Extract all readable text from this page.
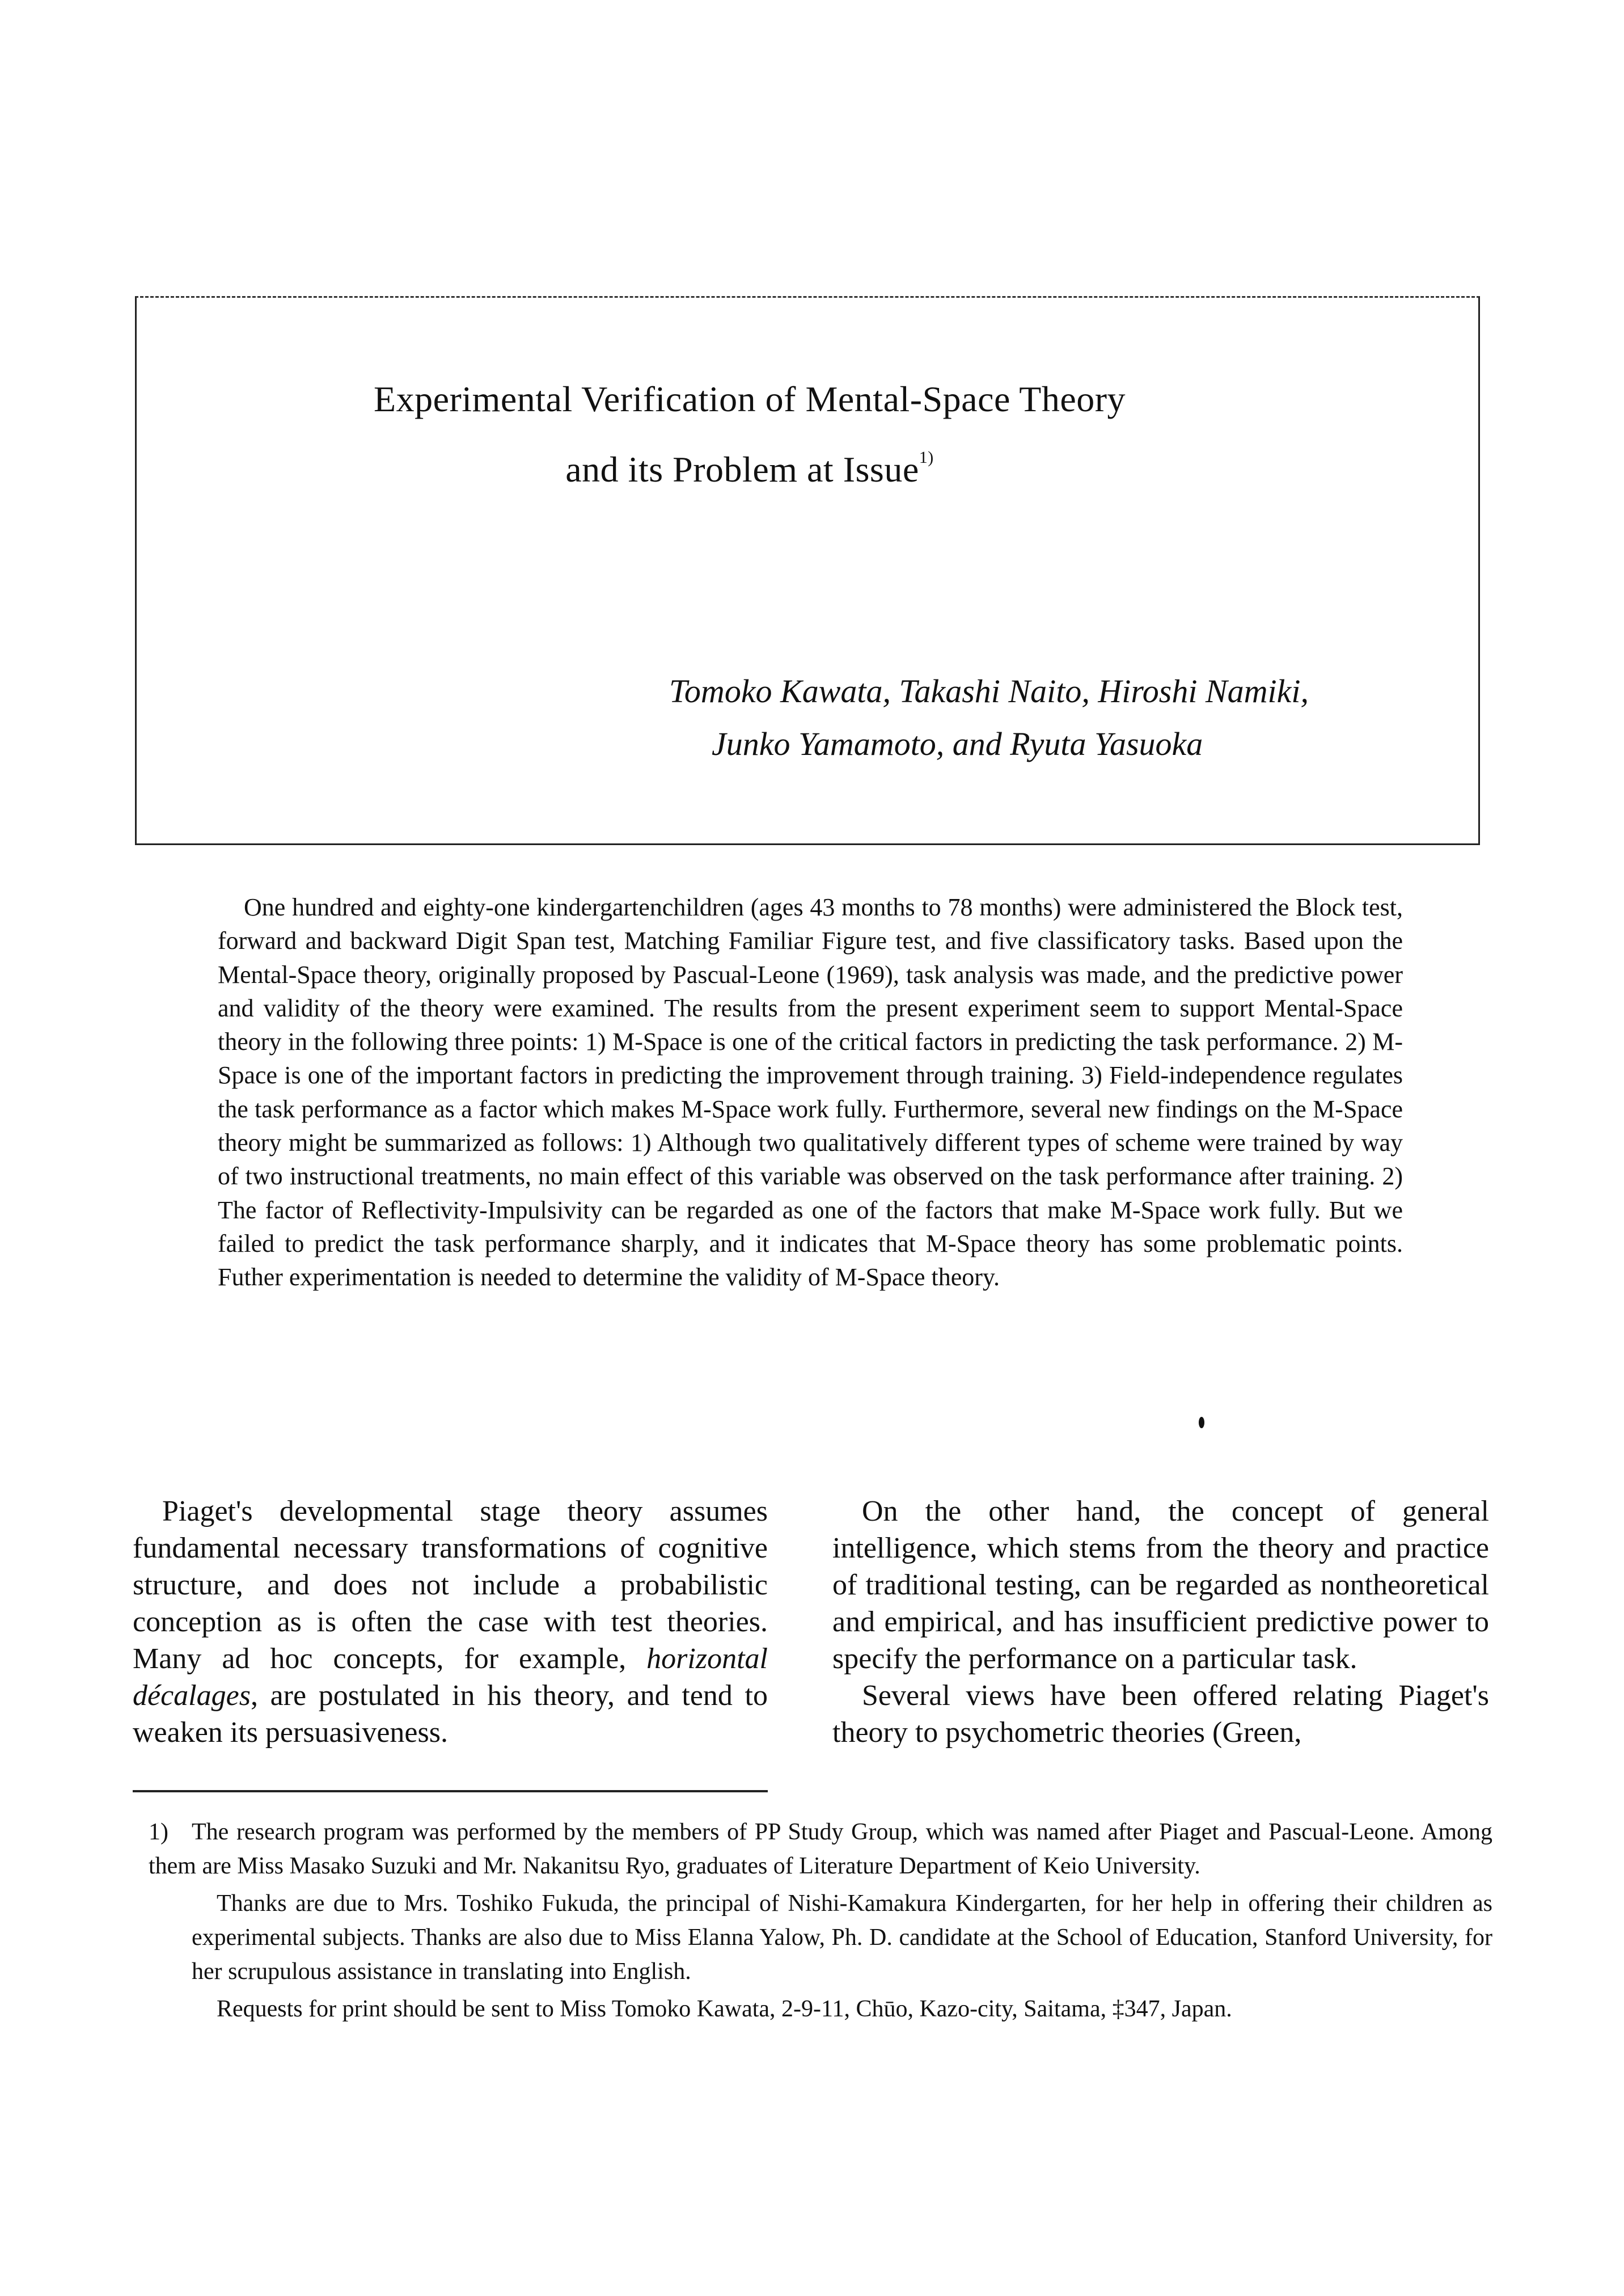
Experimental Verification of Mental-Space Theory
and its Problem at Issue$^{1)}$
Tomoko Kawata, Takashi Naito, Hiroshi Namiki,
Junko Yamamoto, and Ryuta Yasuoka
One hundred and eighty-one kindergartenchildren (ages 43 months to 78 months) were administered the Block test, forward and backward Digit Span test, Matching Familiar Figure test, and five classificatory tasks. Based upon the Mental-Space theory, originally proposed by Pascual-Leone (1969), task analysis was made, and the predictive power and validity of the theory were examined. The results from the present experiment seem to support Mental-Space theory in the following three points: 1) M-Space is one of the critical factors in predicting the task performance. 2) M-Space is one of the important factors in predicting the improvement through training. 3) Field-independence regulates the task performance as a factor which makes M-Space work fully. Furthermore, several new findings on the M-Space theory might be summarized as follows: 1) Although two qualitatively different types of scheme were trained by way of two instructional treatments, no main effect of this variable was observed on the task performance after training. 2) The factor of Reflectivity-Impulsivity can be regarded as one of the factors that make M-Space work fully. But we failed to predict the task performance sharply, and it indicates that M-Space theory has some problematic points. Futher experimentation is needed to determine the validity of M-Space theory.

Piaget's developmental stage theory assumes fundamental necessary transformations of cognitive structure, and does not include a probabilistic conception as is often the case with test theories. Many ad hoc concepts, for example, horizontal décalages, are postulated in his theory, and tend to weaken its persuasiveness.

On the other hand, the concept of general intelligence, which stems from the theory and practice of traditional testing, can be regarded as nontheoretical and empirical, and has insufficient predictive power to specify the performance on a particular task.

Several views have been offered relating Piaget's theory to psychometric theories (Green,

1) The research program was performed by the members of PP Study Group, which was named after Piaget and Pascual-Leone. Among them are Miss Masako Suzuki and Mr. Nakanitsu Ryo, graduates of Literature Department of Keio University.

Thanks are due to Mrs. Toshiko Fukuda, the principal of Nishi-Kamakura Kindergarten, for her help in offering their children as experimental subjects. Thanks are also due to Miss Elanna Yalow, Ph. D. candidate at the School of Education, Stanford University, for her scrupulous assistance in translating into English.

Requests for print should be sent to Miss Tomoko Kawata, 2-9-11, Chūo, Kazo-city, Saitama, ‡347, Japan.
